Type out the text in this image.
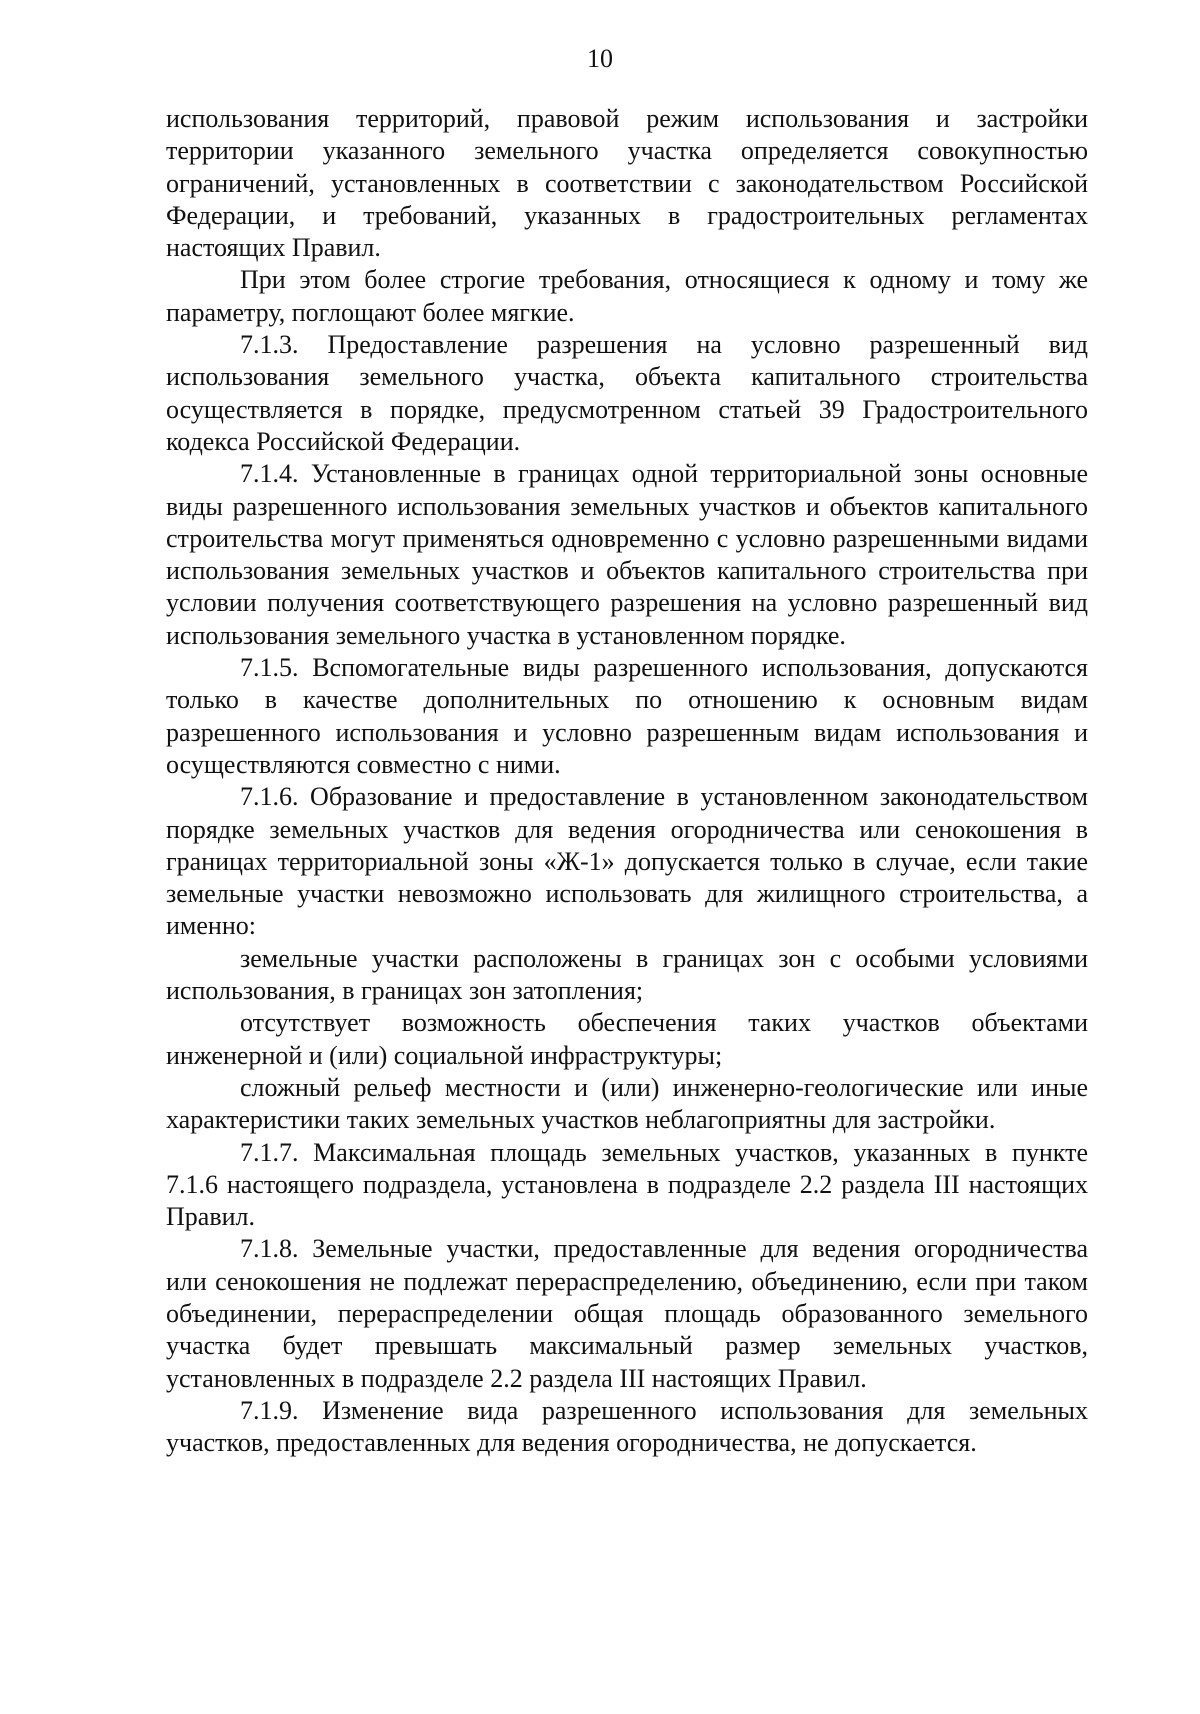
10

использования территорий, правовой режим использования и застройки территории указанного земельного участка определяется совокупностью ограничений, установленных в соответствии с законодательством Российской Федерации, и требований, указанных в градостроительных регламентах настоящих Правил.

При этом более строгие требования, относящиеся к одному и тому же параметру, поглощают более мягкие.

7.1.3. Предоставление разрешения на условно разрешенный вид использования земельного участка, объекта капитального строительства осуществляется в порядке, предусмотренном статьей 39 Градостроительного кодекса Российской Федерации.

7.1.4. Установленные в границах одной территориальной зоны основные виды разрешенного использования земельных участков и объектов капитального строительства могут применяться одновременно с условно разрешенными видами использования земельных участков и объектов капитального строительства при условии получения соответствующего разрешения на условно разрешенный вид использования земельного участка в установленном порядке.

7.1.5. Вспомогательные виды разрешенного использования, допускаются только в качестве дополнительных по отношению к основным видам разрешенного использования и условно разрешенным видам использования и осуществляются совместно с ними.

7.1.6. Образование и предоставление в установленном законодательством порядке земельных участков для ведения огородничества или сенокошения в границах территориальной зоны «Ж-1» допускается только в случае, если такие земельные участки невозможно использовать для жилищного строительства, а именно:

земельные участки расположены в границах зон с особыми условиями использования, в границах зон затопления;

отсутствует возможность обеспечения таких участков объектами инженерной и (или) социальной инфраструктуры;

сложный рельеф местности и (или) инженерно-геологические или иные характеристики таких земельных участков неблагоприятны для застройки.

7.1.7. Максимальная площадь земельных участков, указанных в пункте 7.1.6 настоящего подраздела, установлена в подразделе 2.2 раздела III настоящих Правил.

7.1.8. Земельные участки, предоставленные для ведения огородничества или сенокошения не подлежат перераспределению, объединению, если при таком объединении, перераспределении общая площадь образованного земельного участка будет превышать максимальный размер земельных участков, установленных в подразделе 2.2 раздела III настоящих Правил.

7.1.9. Изменение вида разрешенного использования для земельных участков, предоставленных для ведения огородничества, не допускается.
